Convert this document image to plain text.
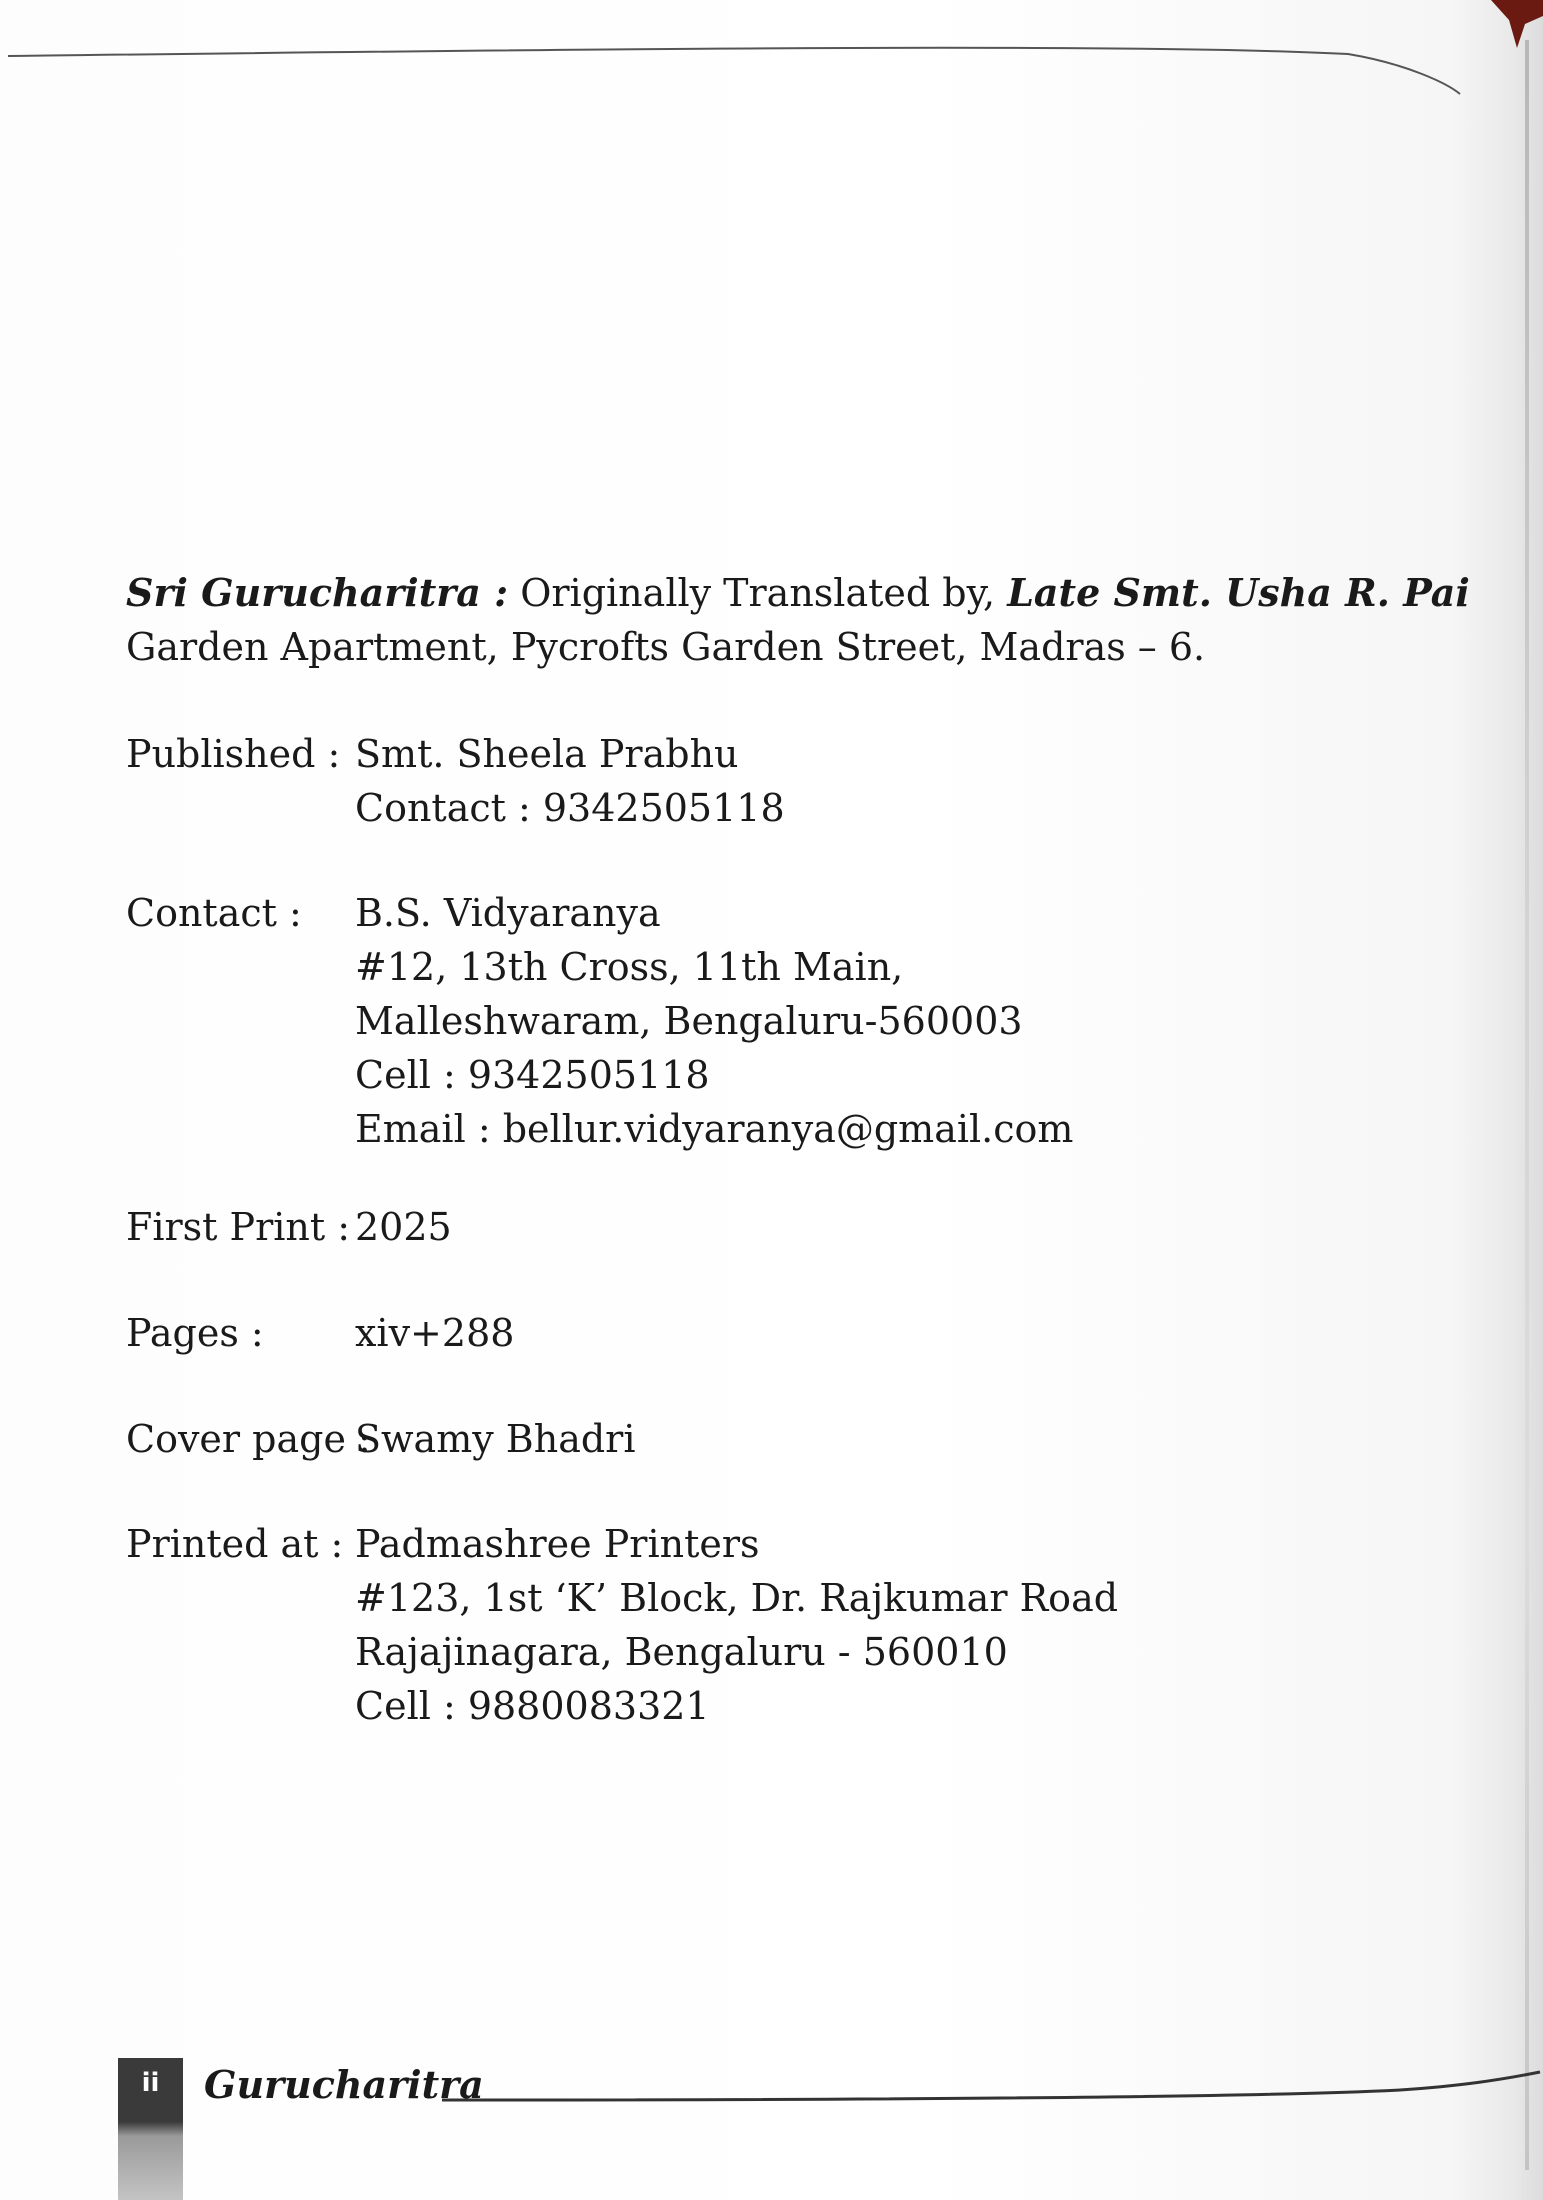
Sri Gurucharitra : Originally Translated by, Late Smt. Usha R. Pai
Garden Apartment, Pycrofts Garden Street, Madras – 6.
Published : Smt. Sheela Prabhu
Contact : 9342505118
Contact : B.S. Vidyaranya
#12, 13th Cross, 11th Main,
Malleshwaram, Bengaluru-560003
Cell : 9342505118
Email : bellur.vidyaranya@gmail.com
First Print : 2025
Pages : xiv+288
Cover page :
Swamy Bhadri
Printed at : Padmashree Printers
#123, 1st ‘K’ Block, Dr. Rajkumar Road
Rajajinagara, Bengaluru - 560010
Cell : 9880083321
ii	Gurucharitra
